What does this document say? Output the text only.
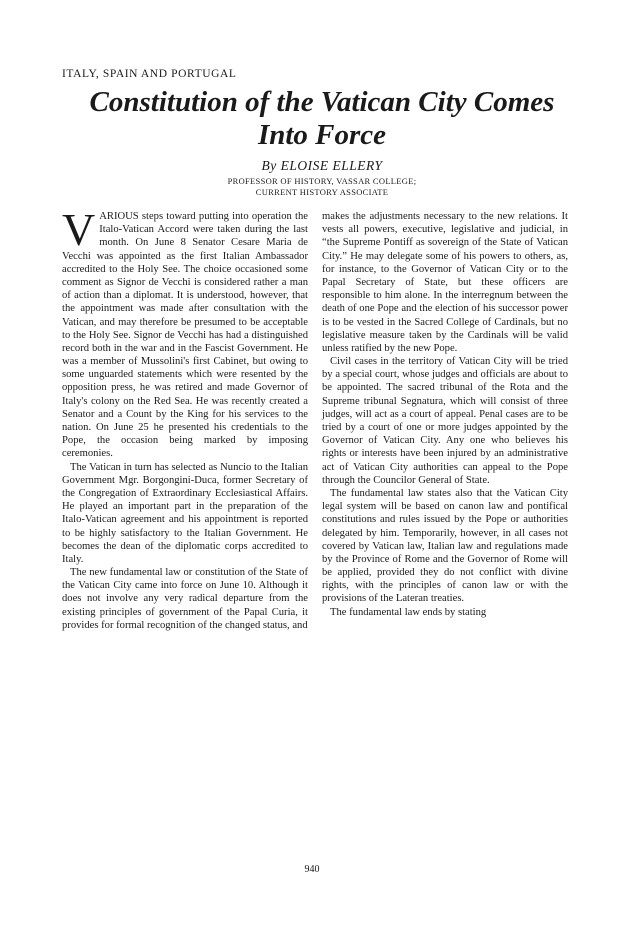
ITALY, SPAIN AND PORTUGAL
Constitution of the Vatican City Comes
Into Force
By ELOISE ELLERY
PROFESSOR OF HISTORY, VASSAR COLLEGE;
CURRENT HISTORY ASSOCIATE

VARIOUS steps toward putting into operation the Italo-Vatican Accord were taken during the last month. On June 8 Senator Cesare Maria de Vecchi was appointed as the first Italian Ambassador accredited to the Holy See. The choice occasioned some comment as Signor de Vecchi is considered rather a man of action than a diplomat. It is understood, however, that the appointment was made after consultation with the Vatican, and may therefore be presumed to be acceptable to the Holy See. Signor de Vecchi has had a distinguished record both in the war and in the Fascist Government. He was a member of Mussolini's first Cabinet, but owing to some unguarded statements which were resented by the opposition press, he was retired and made Governor of Italy's colony on the Red Sea. He was recently created a Senator and a Count by the King for his services to the nation. On June 25 he presented his credentials to the Pope, the occasion being marked by imposing ceremonies.

The Vatican in turn has selected as Nuncio to the Italian Government Mgr. Borgongini-Duca, former Secretary of the Congregation of Extraordinary Ecclesiastical Affairs. He played an important part in the preparation of the Italo-Vatican agreement and his appointment is reported to be highly satisfactory to the Italian Government. He becomes the dean of the diplomatic corps accredited to Italy.

The new fundamental law or constitution of the State of the Vatican City came into force on June 10. Although it does not involve any very radical departure from the existing principles of government of the Papal Curia, it provides for formal recognition of the changed status, and

makes the adjustments necessary to the new relations. It vests all powers, executive, legislative and judicial, in “the Supreme Pontiff as sovereign of the State of Vatican City.” He may delegate some of his powers to others, as, for instance, to the Governor of Vatican City or to the Papal Secretary of State, but these officers are responsible to him alone. In the interregnum between the death of one Pope and the election of his successor power is to be vested in the Sacred College of Cardinals, but no legislative measure taken by the Cardinals will be valid unless ratified by the new Pope.

Civil cases in the territory of Vatican City will be tried by a special court, whose judges and officials are about to be appointed. The sacred tribunal of the Rota and the Supreme tribunal Segnatura, which will consist of three judges, will act as a court of appeal. Penal cases are to be tried by a court of one or more judges appointed by the Governor of Vatican City. Any one who believes his rights or interests have been injured by an administrative act of Vatican City authorities can appeal to the Pope through the Councilor General of State.

The fundamental law states also that the Vatican City legal system will be based on canon law and pontifical constitutions and rules issued by the Pope or authorities delegated by him. Temporarily, however, in all cases not covered by Vatican law, Italian law and regulations made by the Province of Rome and the Governor of Rome will be applied, provided they do not conflict with divine rights, with the principles of canon law or with the provisions of the Lateran treaties.

The fundamental law ends by stating

940
